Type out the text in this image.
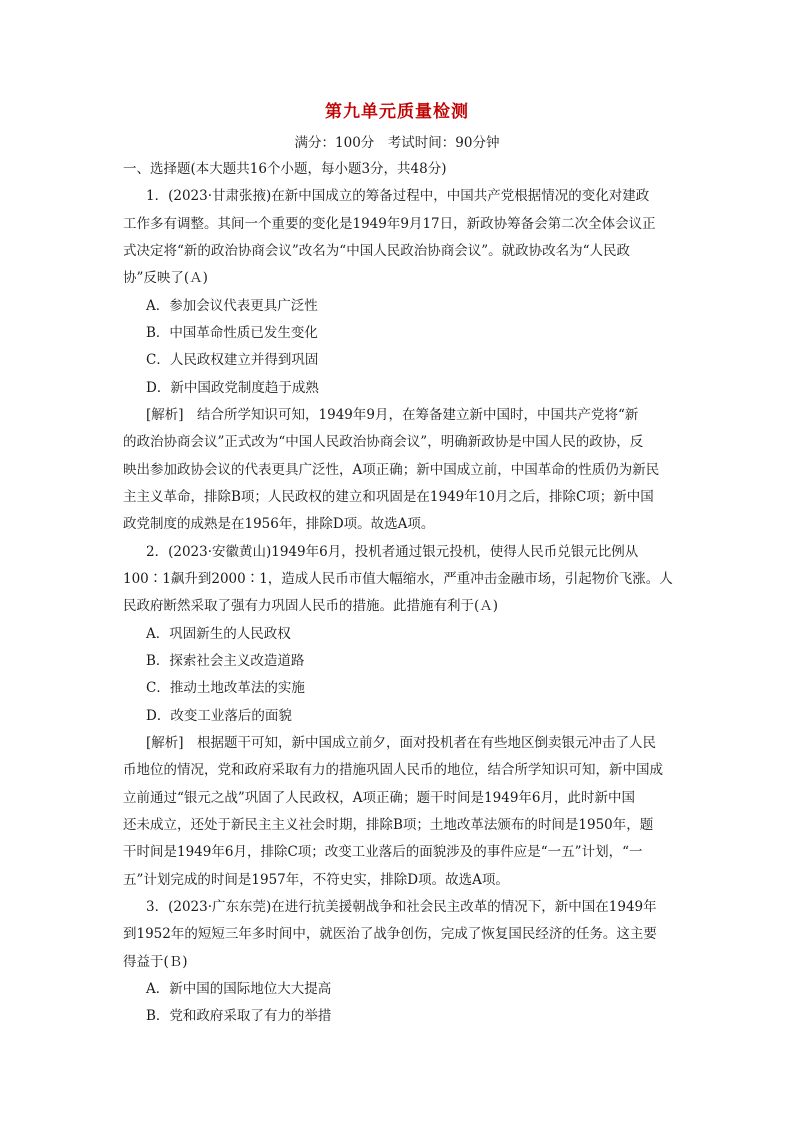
第九单元质量检测
满分：100分　考试时间：90分钟
一、选择题(本大题共16个小题，每小题3分，共48分)
1．(2023·甘肃张掖)在新中国成立的筹备过程中，中国共产党根据情况的变化对建政
工作多有调整。其间一个重要的变化是1949年9月17日，新政协筹备会第二次全体会议正
式决定将“新的政治协商会议”改名为“中国人民政治协商会议”。就政协改名为“人民政
协”反映了(Ａ)
A．参加会议代表更具广泛性
B．中国革命性质已发生变化
C．人民政权建立并得到巩固
D．新中国政党制度趋于成熟
[解析]　结合所学知识可知，1949年9月，在筹备建立新中国时，中国共产党将“新
的政治协商会议”正式改为“中国人民政治协商会议”，明确新政协是中国人民的政协，反
映出参加政协会议的代表更具广泛性，A项正确；新中国成立前，中国革命的性质仍为新民
主主义革命，排除B项；人民政权的建立和巩固是在1949年10月之后，排除C项；新中国
政党制度的成熟是在1956年，排除D项。故选A项。
2．(2023·安徽黄山)1949年6月，投机者通过银元投机，使得人民币兑银元比例从
100∶1飙升到2000∶1，造成人民币市值大幅缩水，严重冲击金融市场，引起物价飞涨。人
民政府断然采取了强有力巩固人民币的措施。此措施有利于(Ａ)
A．巩固新生的人民政权
B．探索社会主义改造道路
C．推动土地改革法的实施
D．改变工业落后的面貌
[解析]　根据题干可知，新中国成立前夕，面对投机者在有些地区倒卖银元冲击了人民
币地位的情况，党和政府采取有力的措施巩固人民币的地位，结合所学知识可知，新中国成
立前通过“银元之战”巩固了人民政权，A项正确；题干时间是1949年6月，此时新中国
还未成立，还处于新民主主义社会时期，排除B项；土地改革法颁布的时间是1950年，题
干时间是1949年6月，排除C项；改变工业落后的面貌涉及的事件应是“一五”计划，“一
五”计划完成的时间是1957年，不符史实，排除D项。故选A项。
3．(2023·广东东莞)在进行抗美援朝战争和社会民主改革的情况下，新中国在1949年
到1952年的短短三年多时间中，就医治了战争创伤，完成了恢复国民经济的任务。这主要
得益于(Ｂ)
A．新中国的国际地位大大提高
B．党和政府采取了有力的举措
